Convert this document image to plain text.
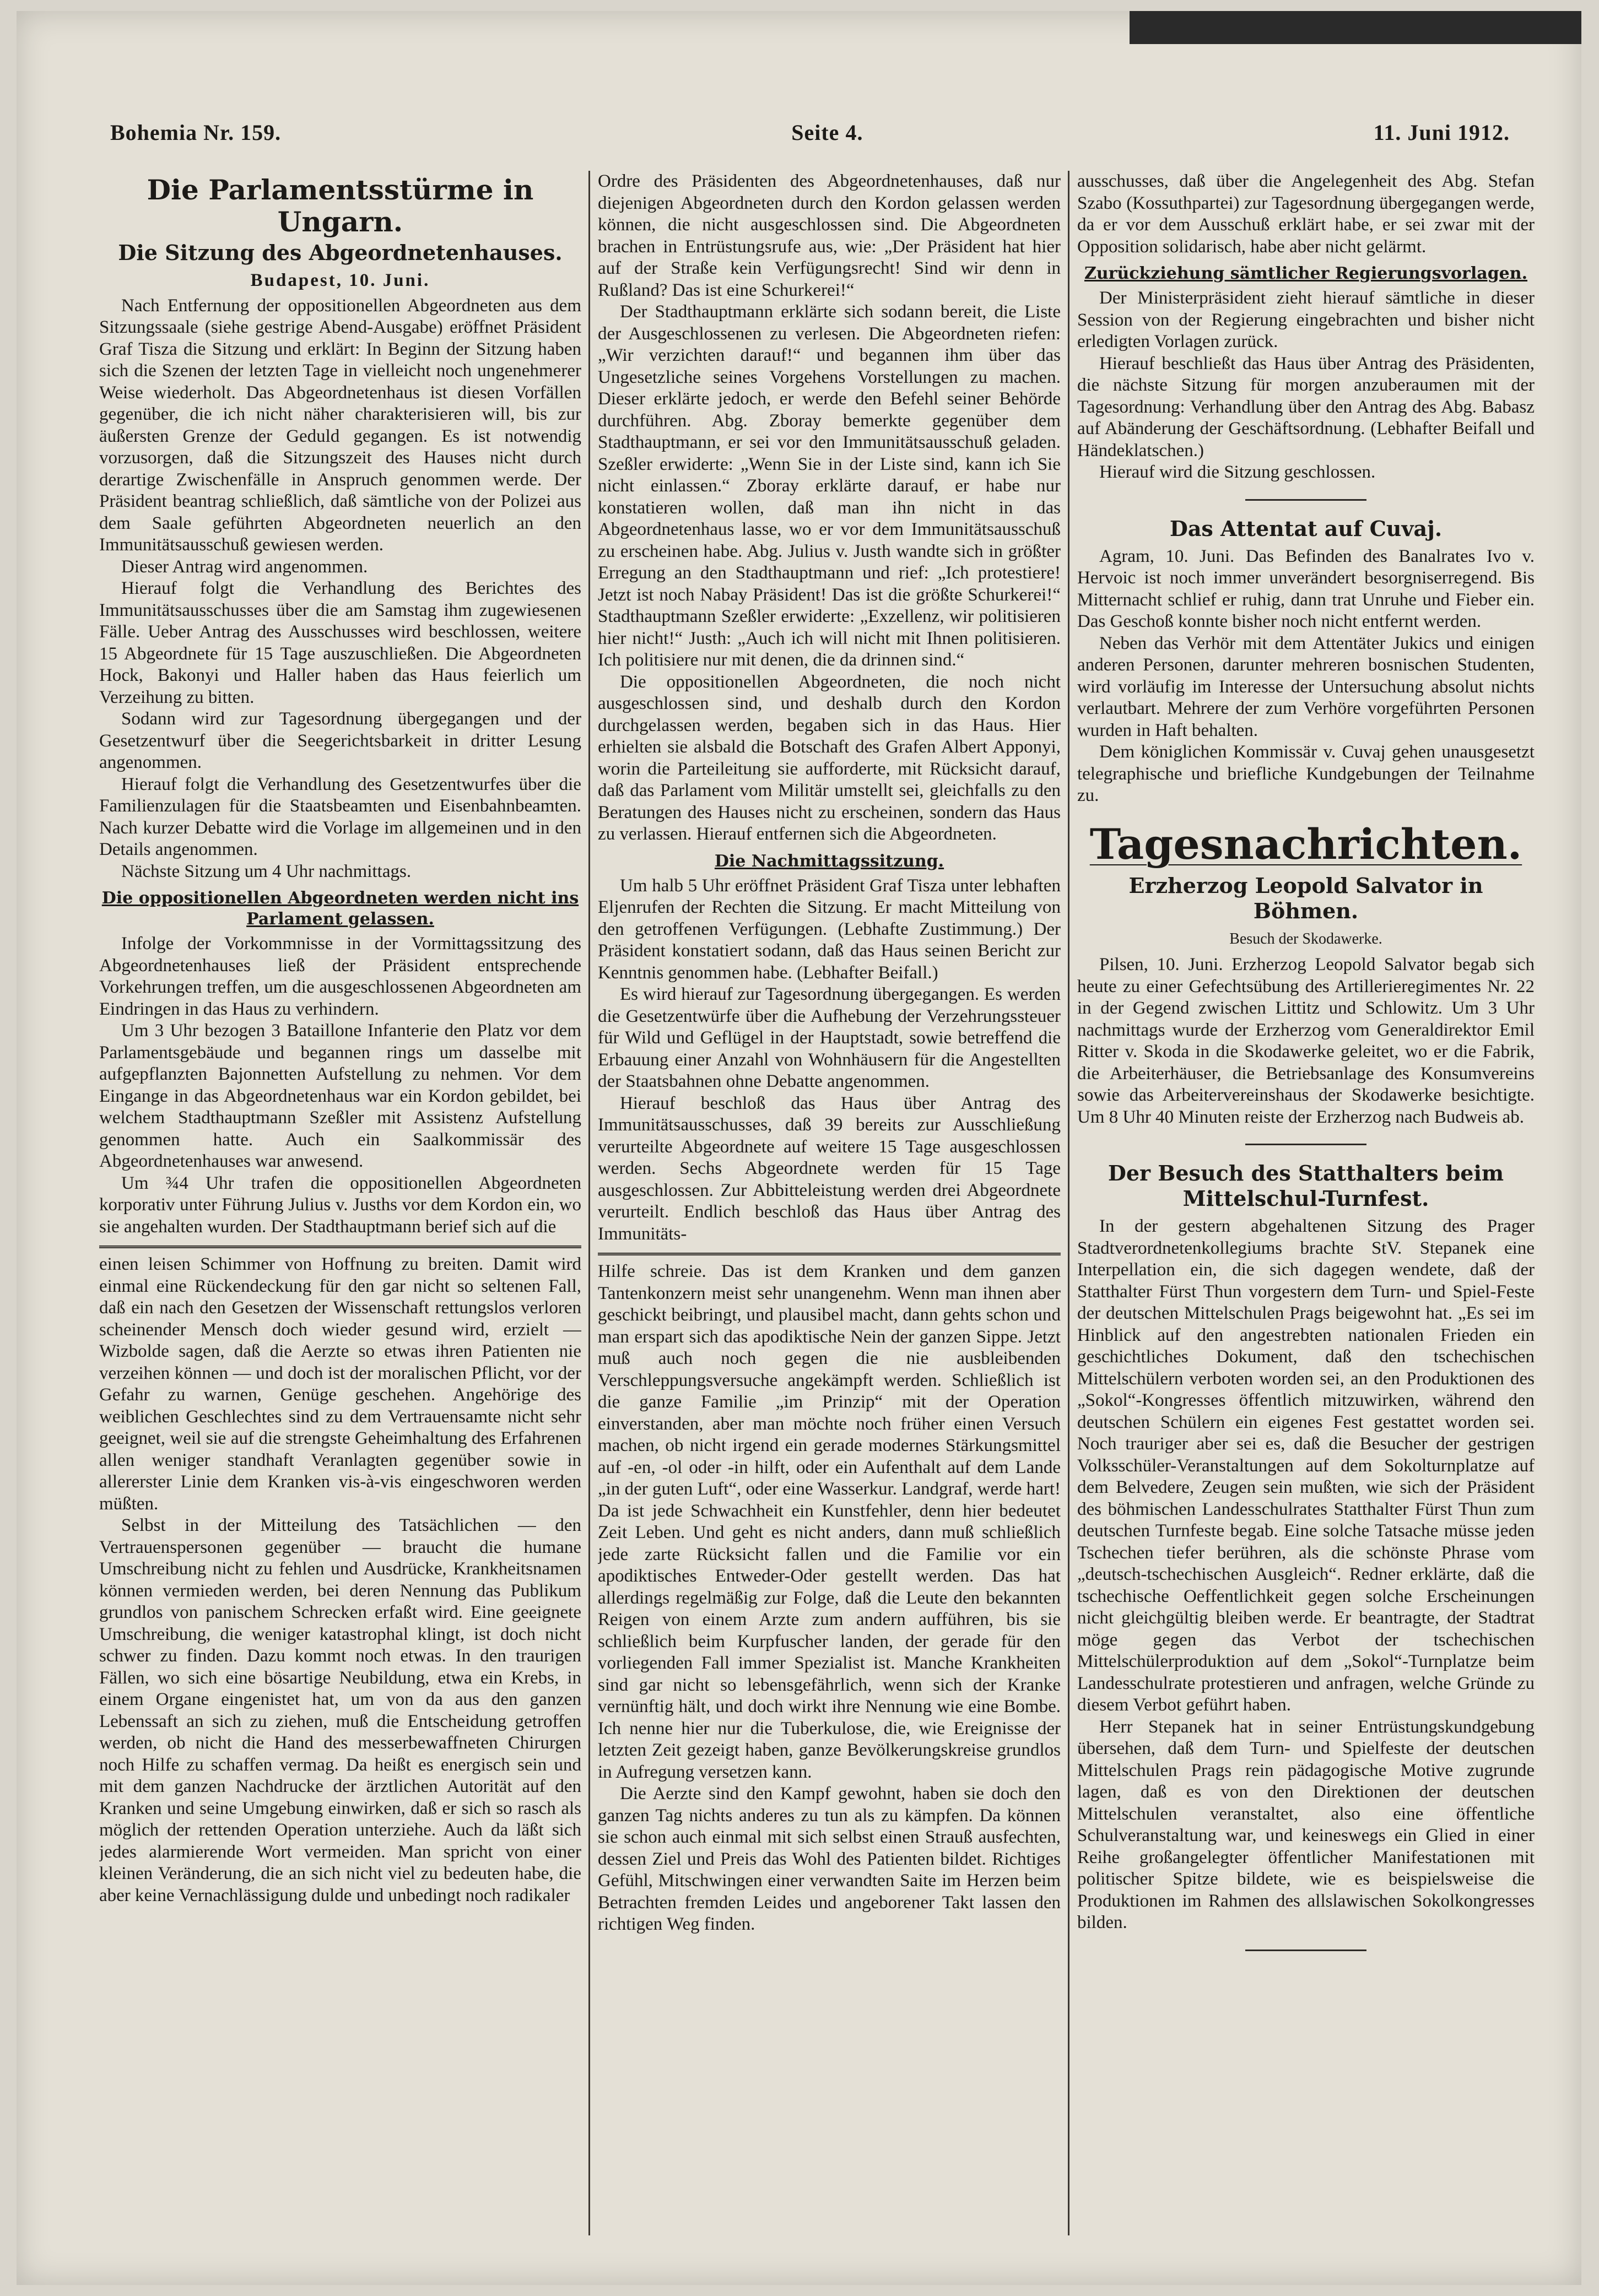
Bohemia Nr. 159.	Seite 4.	11. Juni 1912.
Die Parlamentsstürme in Ungarn.
Die Sitzung des Abgeordnetenhauses.
Budapest, 10. Juni.

Nach Entfernung der oppositionellen Abgeordneten aus dem Sitzungssaale (siehe gestrige Abend-Ausgabe) eröffnet Präsident Graf Tisza die Sitzung und erklärt: In Beginn der Sitzung haben sich die Szenen der letzten Tage in vielleicht noch ungenehmerer Weise wiederholt. Das Abgeordnetenhaus ist diesen Vorfällen gegenüber, die ich nicht näher charakterisieren will, bis zur äußersten Grenze der Geduld gegangen. Es ist notwendig vorzusorgen, daß die Sitzungszeit des Hauses nicht durch derartige Zwischenfälle in Anspruch genommen werde. Der Präsident beantrag schließlich, daß sämtliche von der Polizei aus dem Saale geführten Abgeordneten neuerlich an den Immunitätsausschuß gewiesen werden.

Dieser Antrag wird angenommen.

Hierauf folgt die Verhandlung des Berichtes des Immunitätsausschusses über die am Samstag ihm zugewiesenen Fälle. Ueber Antrag des Ausschusses wird beschlossen, weitere 15 Abgeordnete für 15 Tage auszuschließen. Die Abgeordneten Hock, Bakonyi und Haller haben das Haus feierlich um Verzeihung zu bitten.

Sodann wird zur Tagesordnung übergegangen und der Gesetzentwurf über die Seegerichtsbarkeit in dritter Lesung angenommen.

Hierauf folgt die Verhandlung des Gesetzentwurfes über die Familienzulagen für die Staatsbeamten und Eisenbahnbeamten. Nach kurzer Debatte wird die Vorlage im allgemeinen und in den Details angenommen.

Nächste Sitzung um 4 Uhr nachmittags.

Die oppositionellen Abgeordneten werden nicht ins Parlament gelassen.

Infolge der Vorkommnisse in der Vormittagssitzung des Abgeordnetenhauses ließ der Präsident entsprechende Vorkehrungen treffen, um die ausgeschlossenen Abgeordneten am Eindringen in das Haus zu verhindern.

Um 3 Uhr bezogen 3 Bataillone Infanterie den Platz vor dem Parlamentsgebäude und begannen rings um dasselbe mit aufgepflanzten Bajonnetten Aufstellung zu nehmen. Vor dem Eingange in das Abgeordnetenhaus war ein Kordon gebildet, bei welchem Stadthauptmann Szeßler mit Assistenz Aufstellung genommen hatte. Auch ein Saalkommissär des Abgeordnetenhauses war anwesend.

Um ¾4 Uhr trafen die oppositionellen Abgeordneten korporativ unter Führung Julius v. Jusths vor dem Kordon ein, wo sie angehalten wurden. Der Stadthauptmann berief sich auf die

einen leisen Schimmer von Hoffnung zu breiten. Damit wird einmal eine Rückendeckung für den gar nicht so seltenen Fall, daß ein nach den Gesetzen der Wissenschaft rettungslos verloren scheinender Mensch doch wieder gesund wird, erzielt — Wizbolde sagen, daß die Aerzte so etwas ihren Patienten nie verzeihen können — und doch ist der moralischen Pflicht, vor der Gefahr zu warnen, Genüge geschehen. Angehörige des weiblichen Geschlechtes sind zu dem Vertrauensamte nicht sehr geeignet, weil sie auf die strengste Geheimhaltung des Erfahrenen allen weniger standhaft Veranlagten gegenüber sowie in allererster Linie dem Kranken vis-à-vis eingeschworen werden müßten.

Selbst in der Mitteilung des Tatsächlichen — den Vertrauenspersonen gegenüber — braucht die humane Umschreibung nicht zu fehlen und Ausdrücke, Krankheitsnamen können vermieden werden, bei deren Nennung das Publikum grundlos von panischem Schrecken erfaßt wird. Eine geeignete Umschreibung, die weniger katastrophal klingt, ist doch nicht schwer zu finden. Dazu kommt noch etwas. In den traurigen Fällen, wo sich eine bösartige Neubildung, etwa ein Krebs, in einem Organe eingenistet hat, um von da aus den ganzen Lebenssaft an sich zu ziehen, muß die Entscheidung getroffen werden, ob nicht die Hand des messerbewaffneten Chirurgen noch Hilfe zu schaffen vermag. Da heißt es energisch sein und mit dem ganzen Nachdrucke der ärztlichen Autorität auf den Kranken und seine Umgebung einwirken, daß er sich so rasch als möglich der rettenden Operation unterziehe. Auch da läßt sich jedes alarmierende Wort vermeiden. Man spricht von einer kleinen Veränderung, die an sich nicht viel zu bedeuten habe, die aber keine Vernachlässigung dulde und unbedingt noch radikaler

Ordre des Präsidenten des Abgeordnetenhauses, daß nur diejenigen Abgeordneten durch den Kordon gelassen werden können, die nicht ausgeschlossen sind. Die Abgeordneten brachen in Entrüstungsrufe aus, wie: „Der Präsident hat hier auf der Straße kein Verfügungsrecht! Sind wir denn in Rußland? Das ist eine Schurkerei!“

Der Stadthauptmann erklärte sich sodann bereit, die Liste der Ausgeschlossenen zu verlesen. Die Abgeordneten riefen: „Wir verzichten darauf!“ und begannen ihm über das Ungesetzliche seines Vorgehens Vorstellungen zu machen. Dieser erklärte jedoch, er werde den Befehl seiner Behörde durchführen. Abg. Zboray bemerkte gegenüber dem Stadthauptmann, er sei vor den Immunitätsausschuß geladen. Szeßler erwiderte: „Wenn Sie in der Liste sind, kann ich Sie nicht einlassen.“ Zboray erklärte darauf, er habe nur konstatieren wollen, daß man ihn nicht in das Abgeordnetenhaus lasse, wo er vor dem Immunitätsausschuß zu erscheinen habe. Abg. Julius v. Justh wandte sich in größter Erregung an den Stadthauptmann und rief: „Ich protestiere! Jetzt ist noch Nabay Präsident! Das ist die größte Schurkerei!“ Stadthauptmann Szeßler erwiderte: „Exzellenz, wir politisieren hier nicht!“ Justh: „Auch ich will nicht mit Ihnen politisieren. Ich politisiere nur mit denen, die da drinnen sind.“

Die oppositionellen Abgeordneten, die noch nicht ausgeschlossen sind, und deshalb durch den Kordon durchgelassen werden, begaben sich in das Haus. Hier erhielten sie alsbald die Botschaft des Grafen Albert Apponyi, worin die Parteileitung sie aufforderte, mit Rücksicht darauf, daß das Parlament vom Militär umstellt sei, gleichfalls zu den Beratungen des Hauses nicht zu erscheinen, sondern das Haus zu verlassen. Hierauf entfernen sich die Abgeordneten.

Die Nachmittagssitzung.

Um halb 5 Uhr eröffnet Präsident Graf Tisza unter lebhaften Eljenrufen der Rechten die Sitzung. Er macht Mitteilung von den getroffenen Verfügungen. (Lebhafte Zustimmung.) Der Präsident konstatiert sodann, daß das Haus seinen Bericht zur Kenntnis genommen habe. (Lebhafter Beifall.)

Es wird hierauf zur Tagesordnung übergegangen. Es werden die Gesetzentwürfe über die Aufhebung der Verzehrungssteuer für Wild und Geflügel in der Hauptstadt, sowie betreffend die Erbauung einer Anzahl von Wohnhäusern für die Angestellten der Staatsbahnen ohne Debatte angenommen.

Hierauf beschloß das Haus über Antrag des Immunitätsausschusses, daß 39 bereits zur Ausschließung verurteilte Abgeordnete auf weitere 15 Tage ausgeschlossen werden. Sechs Abgeordnete werden für 15 Tage ausgeschlossen. Zur Abbitteleistung werden drei Abgeordnete verurteilt. Endlich beschloß das Haus über Antrag des Immunitäts-

Hilfe schreie. Das ist dem Kranken und dem ganzen Tantenkonzern meist sehr unangenehm. Wenn man ihnen aber geschickt beibringt, und plausibel macht, dann gehts schon und man erspart sich das apodiktische Nein der ganzen Sippe. Jetzt muß auch noch gegen die nie ausbleibenden Verschleppungsversuche angekämpft werden. Schließlich ist die ganze Familie „im Prinzip“ mit der Operation einverstanden, aber man möchte noch früher einen Versuch machen, ob nicht irgend ein gerade modernes Stärkungsmittel auf -en, -ol oder -in hilft, oder ein Aufenthalt auf dem Lande „in der guten Luft“, oder eine Wasserkur. Landgraf, werde hart! Da ist jede Schwachheit ein Kunstfehler, denn hier bedeutet Zeit Leben. Und geht es nicht anders, dann muß schließlich jede zarte Rücksicht fallen und die Familie vor ein apodiktisches Entweder-Oder gestellt werden. Das hat allerdings regelmäßig zur Folge, daß die Leute den bekannten Reigen von einem Arzte zum andern aufführen, bis sie schließlich beim Kurpfuscher landen, der gerade für den vorliegenden Fall immer Spezialist ist. Manche Krankheiten sind gar nicht so lebensgefährlich, wenn sich der Kranke vernünftig hält, und doch wirkt ihre Nennung wie eine Bombe. Ich nenne hier nur die Tuberkulose, die, wie Ereignisse der letzten Zeit gezeigt haben, ganze Bevölkerungskreise grundlos in Aufregung versetzen kann.

Die Aerzte sind den Kampf gewohnt, haben sie doch den ganzen Tag nichts anderes zu tun als zu kämpfen. Da können sie schon auch einmal mit sich selbst einen Strauß ausfechten, dessen Ziel und Preis das Wohl des Patienten bildet. Richtiges Gefühl, Mitschwingen einer verwandten Saite im Herzen beim Betrachten fremden Leides und angeborener Takt lassen den richtigen Weg finden.

ausschusses, daß über die Angelegenheit des Abg. Stefan Szabo (Kossuthpartei) zur Tagesordnung übergegangen werde, da er vor dem Ausschuß erklärt habe, er sei zwar mit der Opposition solidarisch, habe aber nicht gelärmt.

Zurückziehung sämtlicher Regierungsvorlagen.

Der Ministerpräsident zieht hierauf sämtliche in dieser Session von der Regierung eingebrachten und bisher nicht erledigten Vorlagen zurück.

Hierauf beschließt das Haus über Antrag des Präsidenten, die nächste Sitzung für morgen anzuberaumen mit der Tagesordnung: Verhandlung über den Antrag des Abg. Babasz auf Abänderung der Geschäftsordnung. (Lebhafter Beifall und Händeklatschen.)

Hierauf wird die Sitzung geschlossen.

Das Attentat auf Cuvaj.

Agram, 10. Juni. Das Befinden des Banalrates Ivo v. Hervoic ist noch immer unverändert besorgniserregend. Bis Mitternacht schlief er ruhig, dann trat Unruhe und Fieber ein. Das Geschoß konnte bisher noch nicht entfernt werden.

Neben das Verhör mit dem Attentäter Jukics und einigen anderen Personen, darunter mehreren bosnischen Studenten, wird vorläufig im Interesse der Untersuchung absolut nichts verlautbart. Mehrere der zum Verhöre vorgeführten Personen wurden in Haft behalten.

Dem königlichen Kommissär v. Cuvaj gehen unausgesetzt telegraphische und briefliche Kundgebungen der Teilnahme zu.

Tagesnachrichten.
Erzherzog Leopold Salvator in Böhmen.
Besuch der Skodawerke.

Pilsen, 10. Juni. Erzherzog Leopold Salvator begab sich heute zu einer Gefechtsübung des Artillerieregimentes Nr. 22 in der Gegend zwischen Littitz und Schlowitz. Um 3 Uhr nachmittags wurde der Erzherzog vom Generaldirektor Emil Ritter v. Skoda in die Skodawerke geleitet, wo er die Fabrik, die Arbeiterhäuser, die Betriebsanlage des Konsumvereins sowie das Arbeitervereinshaus der Skodawerke besichtigte. Um 8 Uhr 40 Minuten reiste der Erzherzog nach Budweis ab.

Der Besuch des Statthalters beim Mittelschul-Turnfest.

In der gestern abgehaltenen Sitzung des Prager Stadtverordnetenkollegiums brachte StV. Stepanek eine Interpellation ein, die sich dagegen wendete, daß der Statthalter Fürst Thun vorgestern dem Turn- und Spiel-Feste der deutschen Mittelschulen Prags beigewohnt hat. „Es sei im Hinblick auf den angestrebten nationalen Frieden ein geschichtliches Dokument, daß den tschechischen Mittelschülern verboten worden sei, an den Produktionen des „Sokol“-Kongresses öffentlich mitzuwirken, während den deutschen Schülern ein eigenes Fest gestattet worden sei. Noch trauriger aber sei es, daß die Besucher der gestrigen Volksschüler-Veranstaltungen auf dem Sokolturnplatze auf dem Belvedere, Zeugen sein mußten, wie sich der Präsident des böhmischen Landesschulrates Statthalter Fürst Thun zum deutschen Turnfeste begab. Eine solche Tatsache müsse jeden Tschechen tiefer berühren, als die schönste Phrase vom „deutsch-tschechischen Ausgleich“. Redner erklärte, daß die tschechische Oeffentlichkeit gegen solche Erscheinungen nicht gleichgültig bleiben werde. Er beantragte, der Stadtrat möge gegen das Verbot der tschechischen Mittelschülerproduktion auf dem „Sokol“-Turnplatze beim Landesschulrate protestieren und anfragen, welche Gründe zu diesem Verbot geführt haben.

Herr Stepanek hat in seiner Entrüstungskundgebung übersehen, daß dem Turn- und Spielfeste der deutschen Mittelschulen Prags rein pädagogische Motive zugrunde lagen, daß es von den Direktionen der deutschen Mittelschulen veranstaltet, also eine öffentliche Schulveranstaltung war, und keineswegs ein Glied in einer Reihe großangelegter öffentlicher Manifestationen mit politischer Spitze bildete, wie es beispielsweise die Produktionen im Rahmen des allslawischen Sokolkongresses bilden.
